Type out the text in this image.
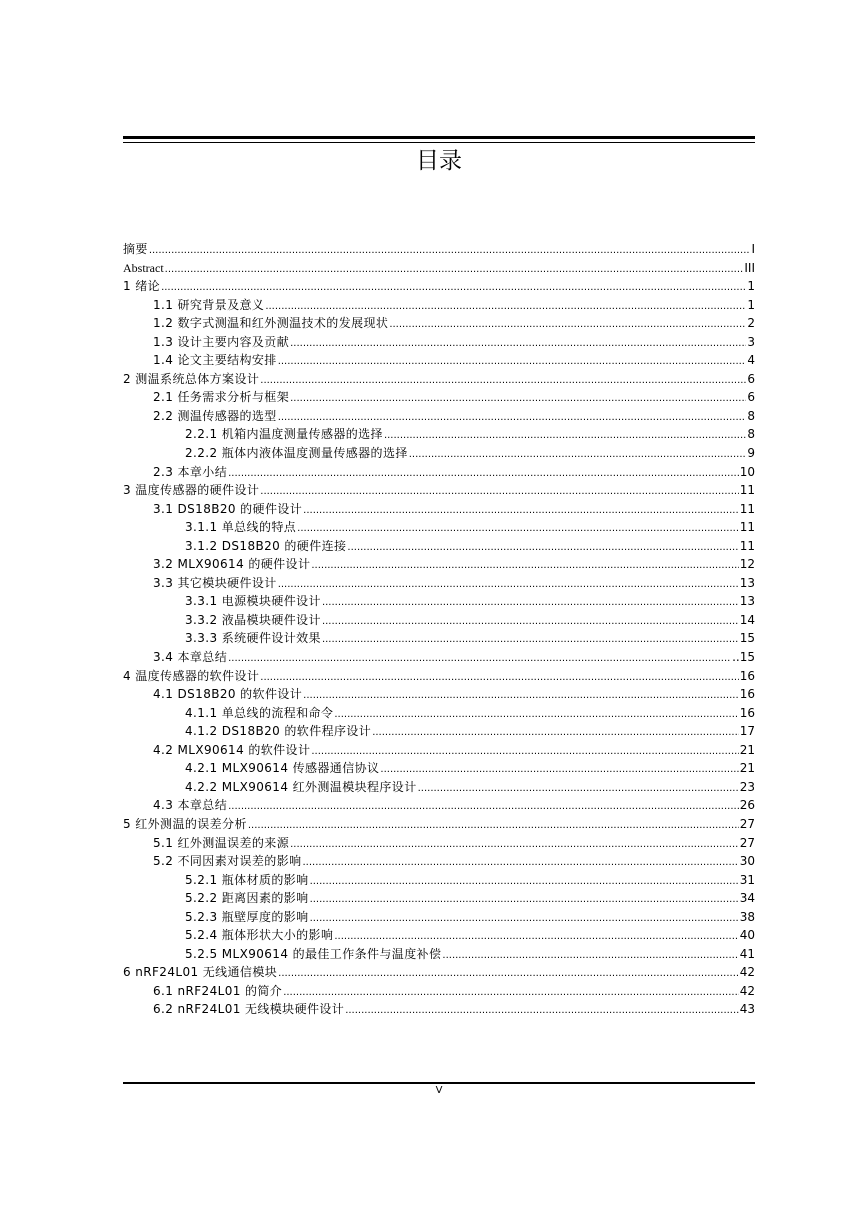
目录
摘要 .....	I
Abstract .....	III
1 绪论 .....	1
1.1 研究背景及意义 .....	1
1.2 数字式测温和红外测温技术的发展现状 .....	2
1.3 设计主要内容及贡献 .....	3
1.4 论文主要结构安排 .....	4
2 测温系统总体方案设计 .....	6
2.1 任务需求分析与框架 .....	6
2.2 测温传感器的选型 .....	8
2.2.1 机箱内温度测量传感器的选择 .....	8
2.2.2 瓶体内液体温度测量传感器的选择 .....	9
2.3 本章小结 .....	10
3 温度传感器的硬件设计 .....	11
3.1 DS18B20 的硬件设计 .....	11
3.1.1 单总线的特点 .....	11
3.1.2 DS18B20 的硬件连接 .....	11
3.2 MLX90614 的硬件设计 .....	12
3.3 其它模块硬件设计 .....	13
3.3.1 电源模块硬件设计 .....	13
3.3.2 液晶模块硬件设计 .....	14
3.3.3 系统硬件设计效果 .....	15
3.4 本章总结 .....	..15
4 温度传感器的软件设计 .....	16
4.1 DS18B20 的软件设计 .....	16
4.1.1 单总线的流程和命令 .....	16
4.1.2 DS18B20 的软件程序设计 .....	17
4.2 MLX90614 的软件设计 .....	21
4.2.1 MLX90614 传感器通信协议 .....	21
4.2.2 MLX90614 红外测温模块程序设计 .....	23
4.3 本章总结 .....	26
5 红外测温的误差分析 .....	27
5.1 红外测温误差的来源 .....	27
5.2 不同因素对误差的影响 .....	30
5.2.1 瓶体材质的影响 .....	31
5.2.2 距离因素的影响 .....	34
5.2.3 瓶壁厚度的影响 .....	38
5.2.4 瓶体形状大小的影响 .....	40
5.2.5 MLX90614 的最佳工作条件与温度补偿 .....	41
6 nRF24L01 无线通信模块 .....	42
6.1 nRF24L01 的简介 .....	42
6.2 nRF24L01 无线模块硬件设计 .....	43
V
